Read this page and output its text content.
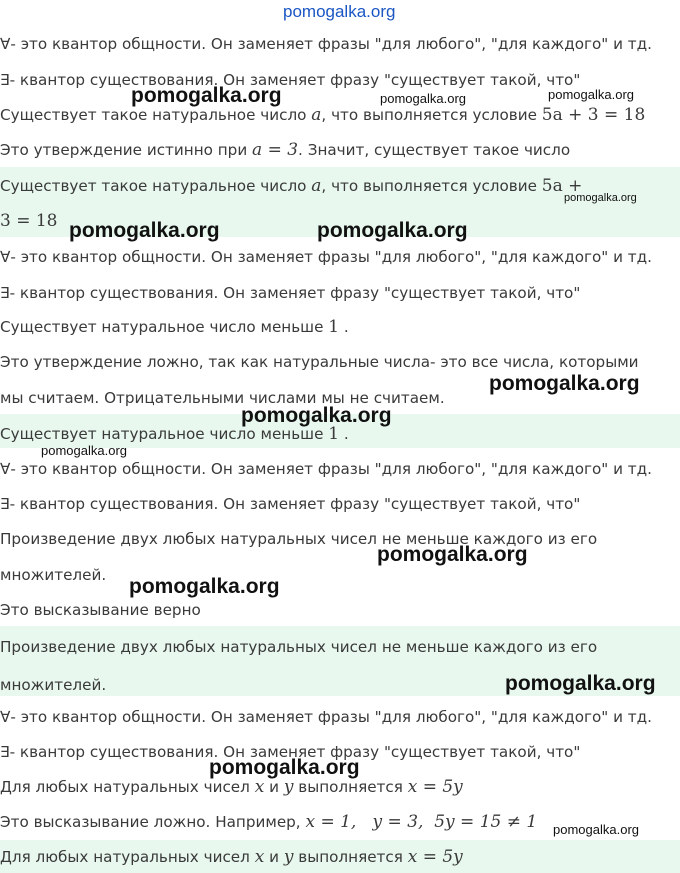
pomogalka.org
∀- это квантор общности. Он заменяет фразы "для любого", "для каждого" и тд.
∃- квантор существования. Он заменяет фразу "существует такой, что"
Существует такое натуральное число a, что выполняется условие 5a + 3 = 18
Это утверждение истинно при a = 3. Значит, существует такое число
Существует такое натуральное число a, что выполняется условие 5a +
3 = 18
∀- это квантор общности. Он заменяет фразы "для любого", "для каждого" и тд.
∃- квантор существования. Он заменяет фразу "существует такой, что"
Существует натуральное число меньше 1 .
Это утверждение ложно, так как натуральные числа- это все числа, которыми
мы считаем. Отрицательными числами мы не считаем.
Существует натуральное число меньше 1 .
∀- это квантор общности. Он заменяет фразы "для любого", "для каждого" и тд.
∃- квантор существования. Он заменяет фразу "существует такой, что"
Произведение двух любых натуральных чисел не меньше каждого из его
множителей.
Это высказывание верно
Произведение двух любых натуральных чисел не меньше каждого из его
множителей.
∀- это квантор общности. Он заменяет фразы "для любого", "для каждого" и тд.
∃- квантор существования. Он заменяет фразу "существует такой, что"
Для любых натуральных чисел x и y выполняется x = 5y
Это высказывание ложно. Например, x = 1,   y = 3,  5y = 15 ≠ 1
Для любых натуральных чисел x и y выполняется x = 5y
pomogalka.org	pomogalka.org	pomogalka.org
pomogalka.org
pomogalka.org	pomogalka.org
pomogalka.org
pomogalka.org
pomogalka.org
pomogalka.org
pomogalka.org
pomogalka.org
pomogalka.org
pomogalka.org
